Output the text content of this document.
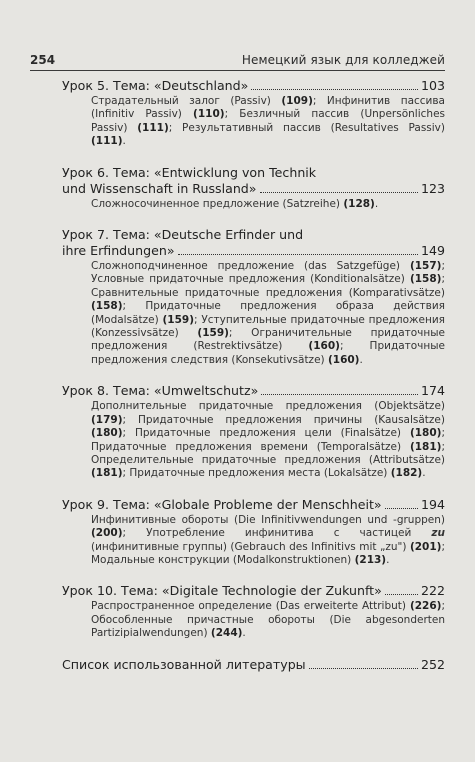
254	Немецкий язык для колледжей
Урок 5. Тема: «Deutschland»	103
Страдательный залог (Passiv) (109); Инфинитив пассива (Infinitiv Passiv) (110); Безличный пассив (Unpersönliches Passiv) (111); Результативный пассив (Resultatives Passiv) (111).
Урок 6. Тема: «Entwicklung von Technik
und Wissenschaft in Russland»	123
Сложносочиненное предложение (Satzreihe) (128).
Урок 7. Тема: «Deutsche Erfinder und
ihre Erfindungen»	149
Сложноподчиненное предложение (das Satzgefüge) (157); Условные придаточные предложения (Konditionalsätze) (158); Сравнительные придаточные предложения (Komparativsätze) (158); Придаточные предложения образа действия (Modalsätze) (159); Уступительные придаточные предложения (Konzessivsätze) (159); Ограничительные придаточные предложения (Restrektivsätze) (160); Придаточные предложения следствия (Konsekutivsätze) (160).
Урок 8. Тема: «Umweltschutz»	174
Дополнительные придаточные предложения (Objektsätze) (179); Придаточные предложения причины (Kausalsätze) (180); Придаточные предложения цели (Finalsätze) (180); Придаточные предложения времени (Temporalsätze) (181); Определительные придаточные предложения (Attributsätze) (181); Придаточные предложения места (Lokalsätze) (182).
Урок 9. Тема: «Globale Probleme der Menschheit»	194
Инфинитивные обороты (Die Infinitivwendungen und -gruppen) (200); Употребление инфинитива с частицей zu (инфинитивные группы) (Gebrauch des Infinitivs mit „zu") (201); Модальные конструкции (Modalkonstruktionen) (213).
Урок 10. Тема: «Digitale Technologie der Zukunft»	222
Распространенное определение (Das erweiterte Attribut) (226); Обособленные причастные обороты (Die abgesonderten Partizipialwendungen) (244).
Список использованной литературы	252
